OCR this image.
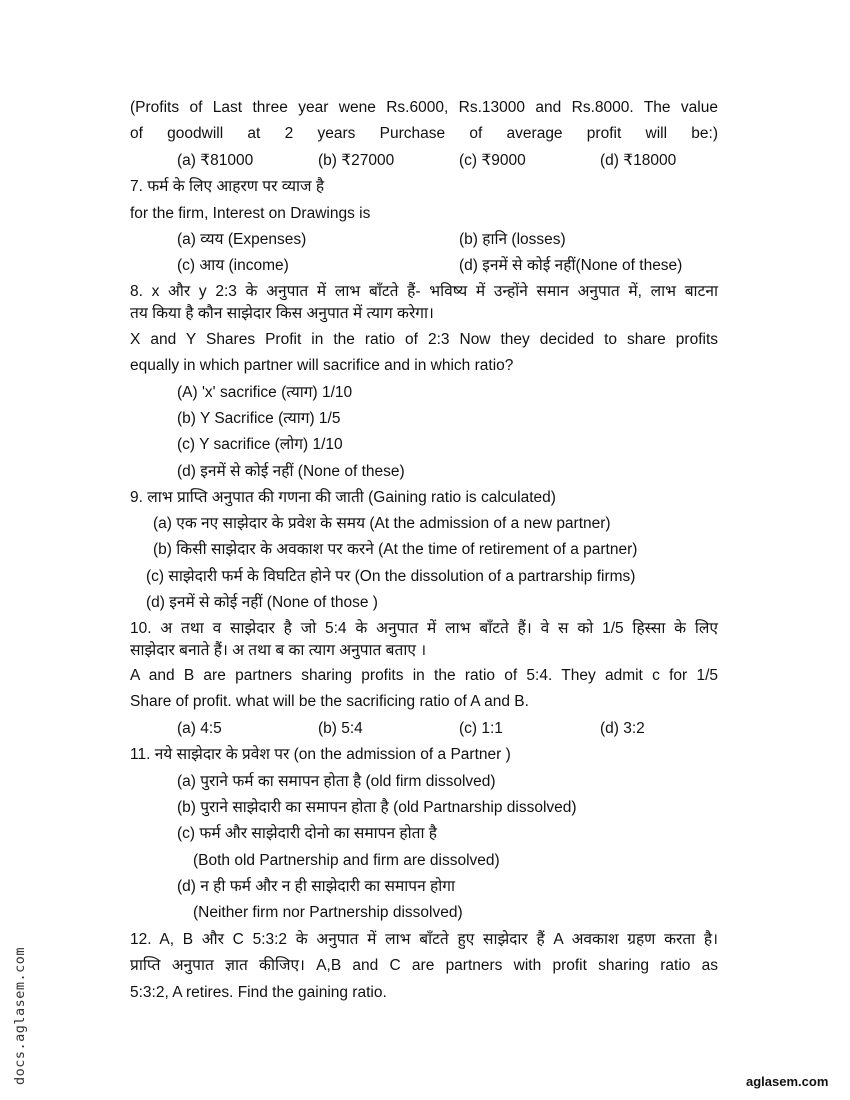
(Profits of Last three year wene Rs.6000, Rs.13000 and Rs.8000. The value
of goodwill at 2 years Purchase of average profit will be:)
(a) ₹81000	(b) ₹27000	(c) ₹9000	(d) ₹18000
7. फर्म के लिए आहरण पर व्याज है
for the firm, Interest on Drawings is
(a) व्यय (Expenses)	(b) हानि (losses)
(c) आय (income)	(d) इनमें से कोई नहीं(None of these)
8. x और y 2:3 के अनुपात में लाभ बाँटते हैं- भविष्य में उन्होंने समान अनुपात में, लाभ बाटना
तय किया है कौन साझेदार किस अनुपात में त्याग करेगा।
X and Y Shares Profit in the ratio of 2:3 Now they decided to share profits
equally in which partner will sacrifice and in which ratio?
(A) 'x' sacrifice (त्याग) 1/10
(b) Y Sacrifice (त्याग) 1/5
(c) Y sacrifice (लोग) 1/10
(d) इनमें से कोई नहीं (None of these)
9. लाभ प्राप्ति अनुपात की गणना की जाती (Gaining ratio is calculated)
(a) एक नए साझेदार के प्रवेश के समय (At the admission of a new partner)
(b) किसी साझेदार के अवकाश पर करने (At the time of retirement of a partner)
(c) साझेदारी फर्म के विघटित होने पर (On the dissolution of a partrarship firms)
(d) इनमें से कोई नहीं (None of those )
10. अ तथा व साझेदार है जो 5:4 के अनुपात में लाभ बाँटते हैं। वे स को 1/5 हिस्सा के लिए
साझेदार बनाते हैं। अ तथा ब का त्याग अनुपात बताए ।
A and B are partners sharing profits in the ratio of 5:4. They admit c for 1/5
Share of profit. what will be the sacrificing ratio of A and B.
(a) 4:5	(b) 5:4	(c) 1:1	(d) 3:2
11. नये साझेदार के प्रवेश पर (on the admission of a Partner )
(a) पुराने फर्म का समापन होता है (old firm dissolved)
(b) पुराने साझेदारी का समापन होता है (old Partnarship dissolved)
(c) फर्म और साझेदारी दोनो का समापन होता है
(Both old Partnership and firm are dissolved)
(d) न ही फर्म और न ही साझेदारी का समापन होगा
(Neither firm nor Partnership dissolved)
12. A, B और C 5:3:2 के अनुपात में लाभ बाँटते हुए साझेदार हैं A अवकाश ग्रहण करता है।
प्राप्ति अनुपात ज्ञात कीजिए। A,B and C are partners with profit sharing ratio as
5:3:2, A retires. Find the gaining ratio.
docs.aglasem.com	aglasem.com
